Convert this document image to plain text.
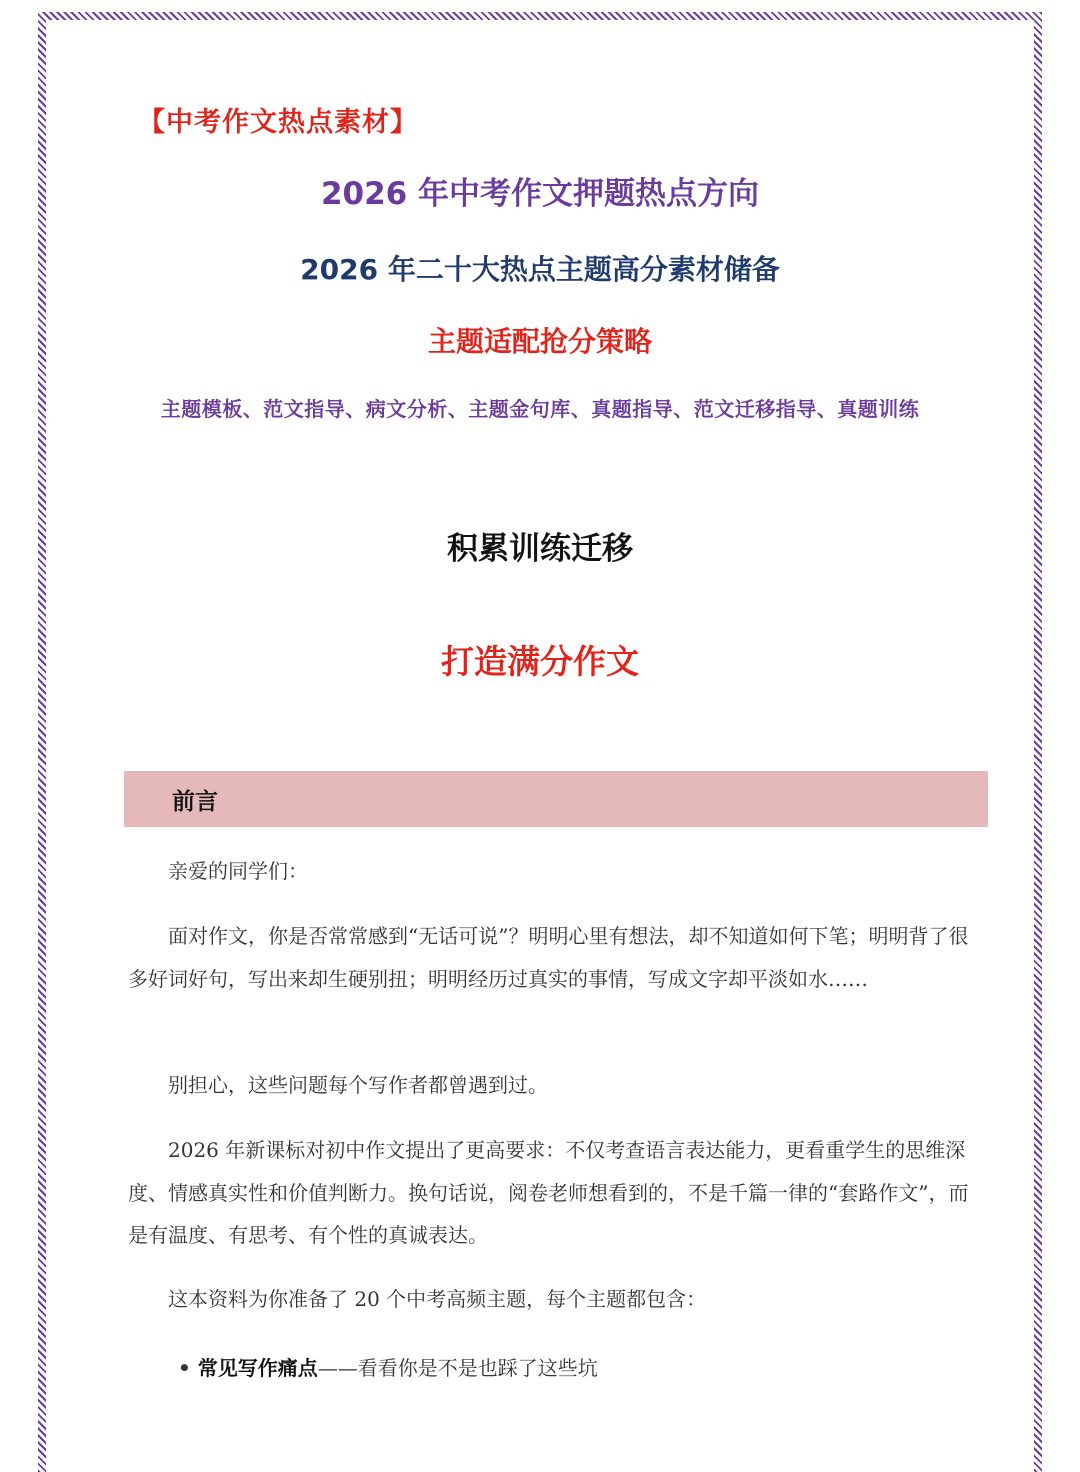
【中考作文热点素材】
2026 年中考作文押题热点方向
2026 年二十大热点主题高分素材储备
主题适配抢分策略
主题模板、范文指导、病文分析、主题金句库、真题指导、范文迁移指导、真题训练
积累训练迁移
打造满分作文
前言

亲爱的同学们：

面对作文，你是否常常感到“无话可说”？明明心里有想法，却不知道如何下笔；明明背了很多好词好句，写出来却生硬别扭；明明经历过真实的事情，写成文字却平淡如水……

别担心，这些问题每个写作者都曾遇到过。

2026 年新课标对初中作文提出了更高要求：不仅考查语言表达能力，更看重学生的思维深度、情感真实性和价值判断力。换句话说，阅卷老师想看到的，不是千篇一律的“套路作文”，而是有温度、有思考、有个性的真诚表达。

这本资料为你准备了 20 个中考高频主题，每个主题都包含：

• 常见写作痛点——看看你是不是也踩了这些坑
